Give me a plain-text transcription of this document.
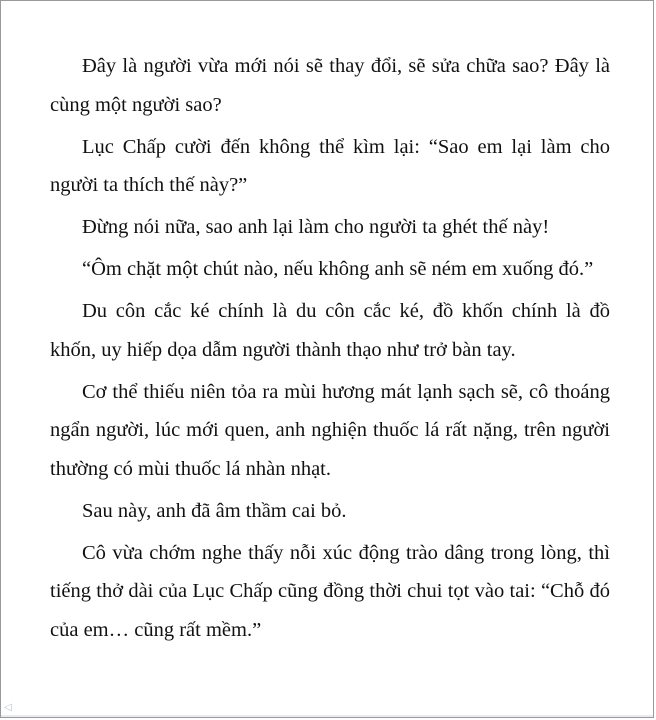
Đây là người vừa mới nói sẽ thay đổi, sẽ sửa chữa sao? Đây là cùng một người sao?

Lục Chấp cười đến không thể kìm lại: “Sao em lại làm cho người ta thích thế này?”

Đừng nói nữa, sao anh lại làm cho người ta ghét thế này!

“Ôm chặt một chút nào, nếu không anh sẽ ném em xuống đó.”

Du côn cắc ké chính là du côn cắc ké, đồ khốn chính là đồ khốn, uy hiếp dọa dẫm người thành thạo như trở bàn tay.

Cơ thể thiếu niên tỏa ra mùi hương mát lạnh sạch sẽ, cô thoáng ngẩn người, lúc mới quen, anh nghiện thuốc lá rất nặng, trên người thường có mùi thuốc lá nhàn nhạt.

Sau này, anh đã âm thầm cai bỏ.

Cô vừa chớm nghe thấy nỗi xúc động trào dâng trong lòng, thì tiếng thở dài của Lục Chấp cũng đồng thời chui tọt vào tai: “Chỗ đó của em… cũng rất mềm.”

◁
